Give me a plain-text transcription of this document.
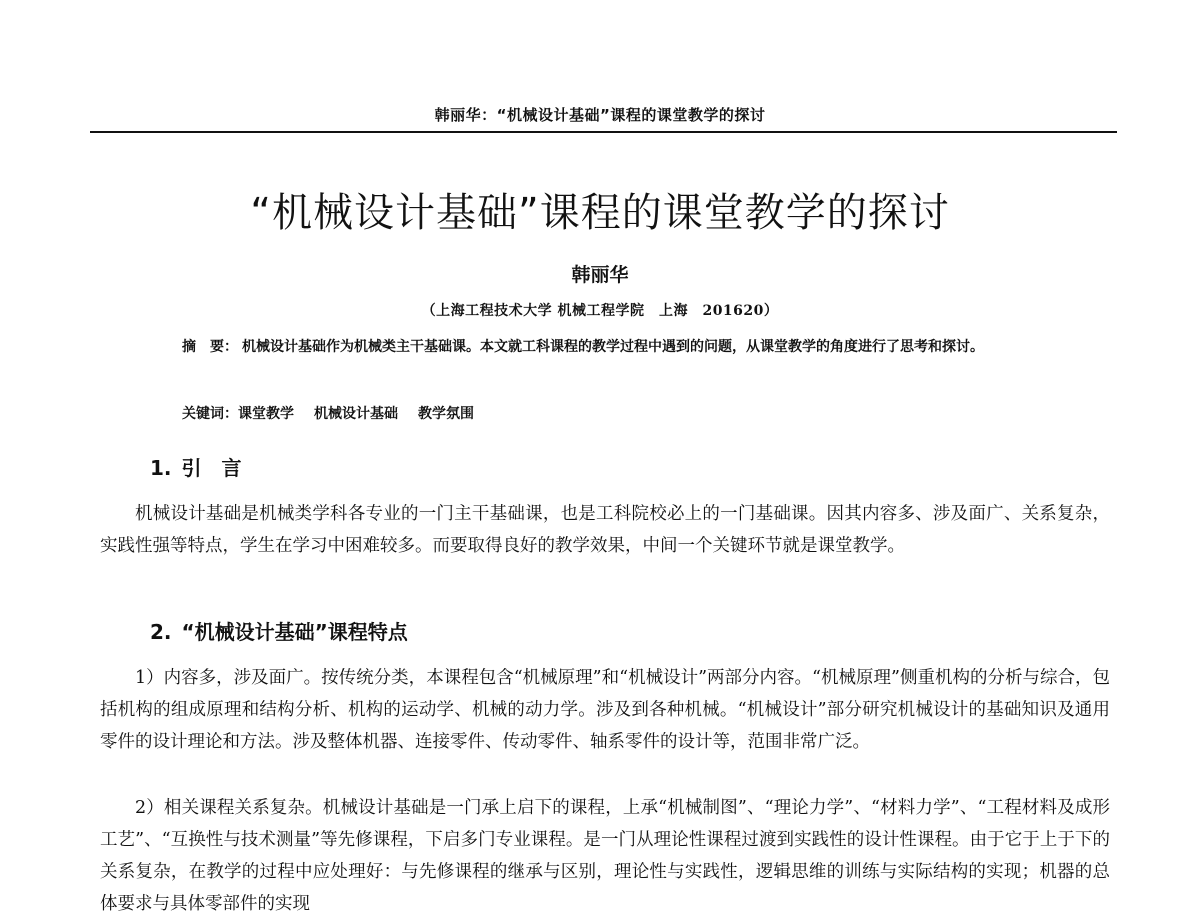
韩丽华：“机械设计基础”课程的课堂教学的探讨
“机械设计基础”课程的课堂教学的探讨
韩丽华
（上海工程技术大学 机械工程学院　上海　201620）
摘　要： 机械设计基础作为机械类主干基础课。本文就工科课程的教学过程中遇到的问题，从课堂教学的角度进行了思考和探讨。
关键词：课堂教学 机械设计基础 教学氛围
1. 引　言

机械设计基础是机械类学科各专业的一门主干基础课，也是工科院校必上的一门基础课。因其内容多、涉及面广、关系复杂，实践性强等特点，学生在学习中困难较多。而要取得良好的教学效果，中间一个关键环节就是课堂教学。

2. “机械设计基础”课程特点

1）内容多，涉及面广。按传统分类，本课程包含“机械原理”和“机械设计”两部分内容。“机械原理”侧重机构的分析与综合，包括机构的组成原理和结构分析、机构的运动学、机械的动力学。涉及到各种机械。“机械设计”部分研究机械设计的基础知识及通用零件的设计理论和方法。涉及整体机器、连接零件、传动零件、轴系零件的设计等，范围非常广泛。

2）相关课程关系复杂。机械设计基础是一门承上启下的课程，上承“机械制图”、“理论力学”、“材料力学”、“工程材料及成形工艺”、“互换性与技术测量”等先修课程，下启多门专业课程。是一门从理论性课程过渡到实践性的设计性课程。由于它于上于下的关系复杂，在教学的过程中应处理好：与先修课程的继承与区别，理论性与实践性，逻辑思维的训练与实际结构的实现；机器的总体要求与具体零部件的实现
